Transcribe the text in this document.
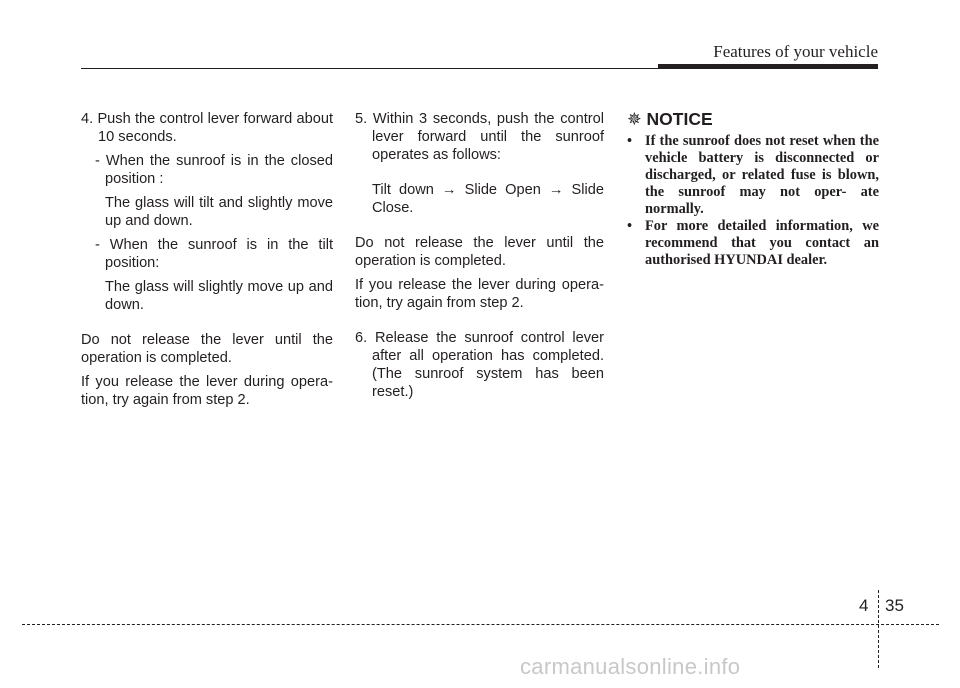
Features of your vehicle
4. Push the control lever forward about 10 seconds.
- When the sunroof is in the closed position :
The glass will tilt and slightly move up and down.
- When the sunroof is in the tilt position:
The glass will slightly move up and down.
Do not release the lever until the operation is completed.
If you release the lever during opera- tion, try again from step 2.
5. Within 3 seconds, push the control lever forward until the sunroof operates as follows:
Tilt down → Slide Open → Slide Close.
Do not release the lever until the operation is completed.
If you release the lever during opera- tion, try again from step 2.
6. Release the sunroof control lever after all operation has completed. (The sunroof system has been reset.)
✵ NOTICE
• If the sunroof does not reset when the vehicle battery is disconnected or discharged, or related fuse is blown, the sunroof may not oper- ate normally.
• For more detailed information, we recommend that you contact an authorised HYUNDAI dealer.
4 35
carmanualsonline.info
